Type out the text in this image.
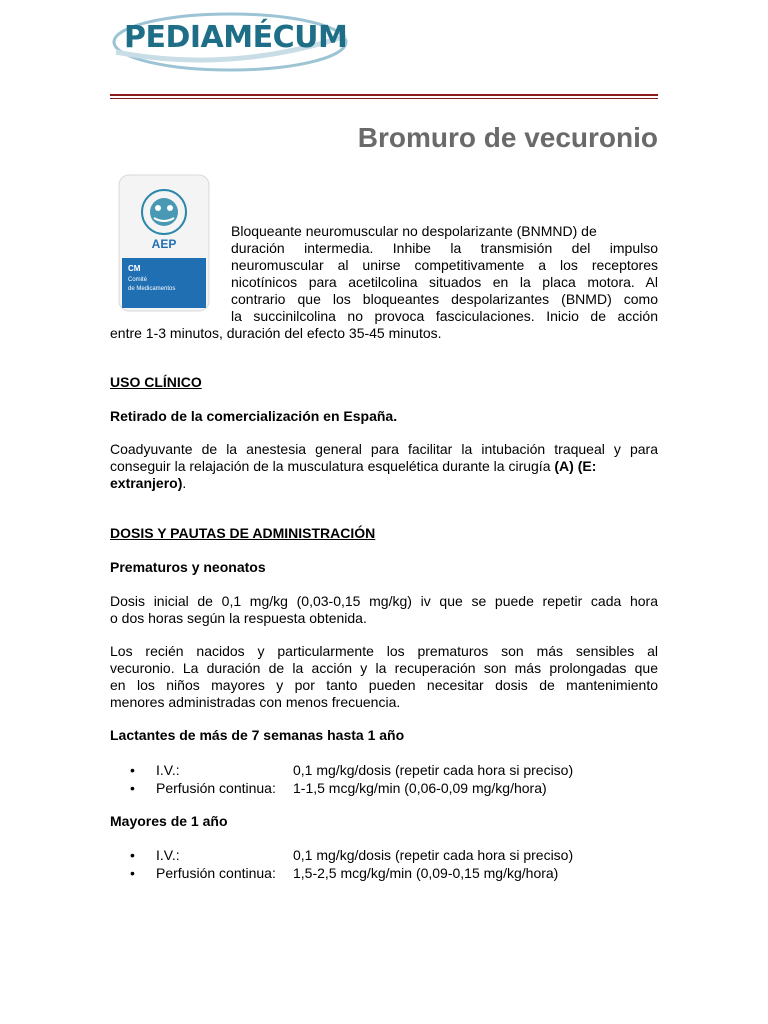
PEDIAMÉCUM
Bromuro de vecuronio
AEP
CM
Comité
de Medicamentos
Bloqueante neuromuscular no despolarizante (BNMND) de
duración intermedia. Inhibe la transmisión del impulso
neuromuscular al unirse competitivamente a los receptores
nicotínicos para acetilcolina situados en la placa motora. Al
contrario que los bloqueantes despolarizantes (BNMD) como
la succinilcolina no provoca fasciculaciones. Inicio de acción
entre 1-3 minutos, duración del efecto 35-45 minutos.
USO CLÍNICO
Retirado de la comercialización en España.
Coadyuvante de la anestesia general para facilitar la intubación traqueal y para
conseguir la relajación de la musculatura esquelética durante la cirugía (A) (E:
extranjero).
DOSIS Y PAUTAS DE ADMINISTRACIÓN
Prematuros y neonatos
Dosis inicial de 0,1 mg/kg (0,03-0,15 mg/kg) iv que se puede repetir cada hora
o dos horas según la respuesta obtenida.
Los recién nacidos y particularmente los prematuros son más sensibles al
vecuronio. La duración de la acción y la recuperación son más prolongadas que
en los niños mayores y por tanto pueden necesitar dosis de mantenimiento
menores administradas con menos frecuencia.
Lactantes de más de 7 semanas hasta 1 año
• I.V.:	0,1 mg/kg/dosis (repetir cada hora si preciso)
• Perfusión continua: 1-1,5 mcg/kg/min (0,06-0,09 mg/kg/hora)
Mayores de 1 año
• I.V.:	0,1 mg/kg/dosis (repetir cada hora si preciso)
• Perfusión continua: 1,5-2,5 mcg/kg/min (0,09-0,15 mg/kg/hora)
